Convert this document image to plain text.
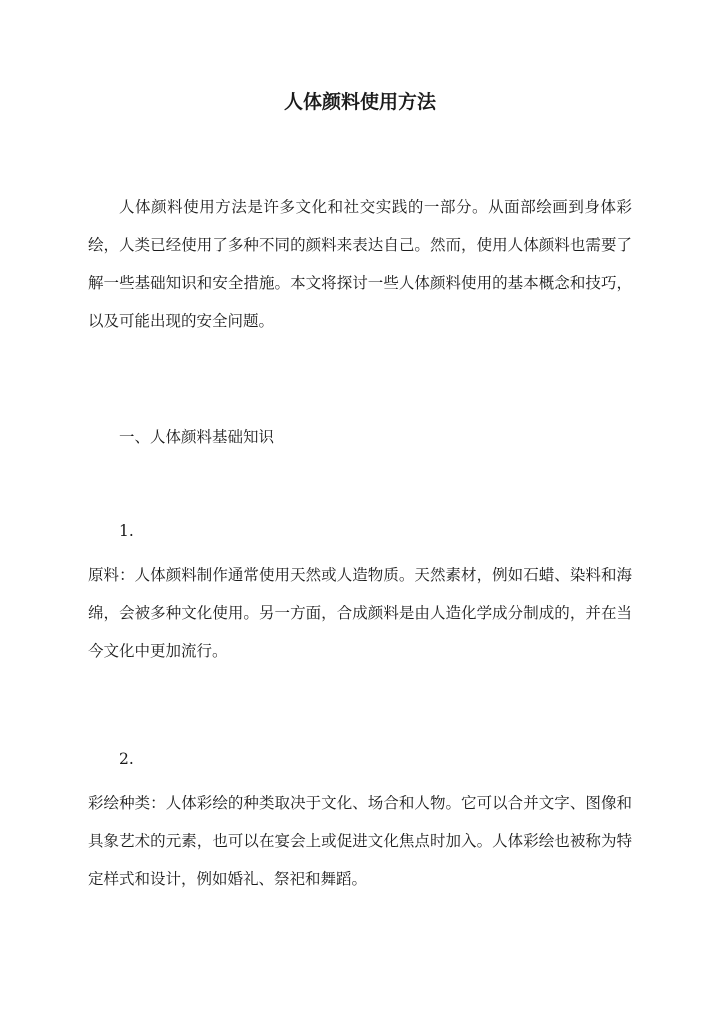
人体颜料使用方法

人体颜料使用方法是许多文化和社交实践的一部分。从面部绘画到身体彩绘，人类已经使用了多种不同的颜料来表达自己。然而，使用人体颜料也需要了解一些基础知识和安全措施。本文将探讨一些人体颜料使用的基本概念和技巧，以及可能出现的安全问题。

一、人体颜料基础知识

1.

原料：人体颜料制作通常使用天然或人造物质。天然素材，例如石蜡、染料和海绵，会被多种文化使用。另一方面，合成颜料是由人造化学成分制成的，并在当今文化中更加流行。

2.

彩绘种类：人体彩绘的种类取决于文化、场合和人物。它可以合并文字、图像和具象艺术的元素，也可以在宴会上或促进文化焦点时加入。人体彩绘也被称为特定样式和设计，例如婚礼、祭祀和舞蹈。
